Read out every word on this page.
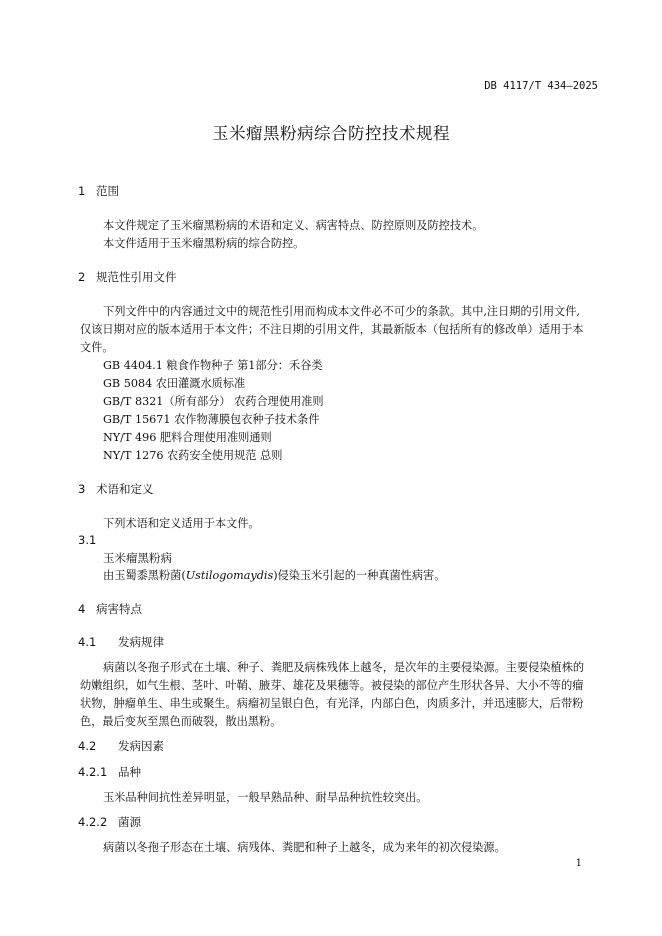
DB 4117/T 434—2025
玉米瘤黑粉病综合防控技术规程
1 范围
本文件规定了玉米瘤黑粉病的术语和定义、病害特点、防控原则及防控技术。
本文件适用于玉米瘤黑粉病的综合防控。
2 规范性引用文件
下列文件中的内容通过文中的规范性引用而构成本文件必不可少的条款。其中,注日期的引用文件,
仅该日期对应的版本适用于本文件；不注日期的引用文件，其最新版本（包括所有的修改单）适用于本
文件。
GB 4404.1 粮食作物种子 第1部分：禾谷类
GB 5084 农田灌溉水质标准
GB/T 8321（所有部分） 农药合理使用准则
GB/T 15671 农作物薄膜包衣种子技术条件
NY/T 496 肥料合理使用准则通则
NY/T 1276 农药安全使用规范 总则
3 术语和定义
下列术语和定义适用于本文件。
3.1
玉米瘤黑粉病
由玉蜀黍黑粉菌(Ustilogomaydis)侵染玉米引起的一种真菌性病害。
4 病害特点
4.1 发病规律
病菌以冬孢子形式在土壤、种子、粪肥及病株残体上越冬，是次年的主要侵染源。主要侵染植株的
幼嫩组织，如气生根、茎叶、叶鞘、腋芽、雄花及果穗等。被侵染的部位产生形状各异、大小不等的瘤
状物，肿瘤单生、串生或聚生。病瘤初呈银白色，有光泽，内部白色，肉质多汁，并迅速膨大，后带粉
色，最后变灰至黑色而破裂，散出黑粉。
4.2 发病因素
4.2.1 品种
玉米品种间抗性差异明显，一般早熟品种、耐旱品种抗性较突出。
4.2.2 菌源
病菌以冬孢子形态在土壤、病残体、粪肥和种子上越冬，成为来年的初次侵染源。
1
